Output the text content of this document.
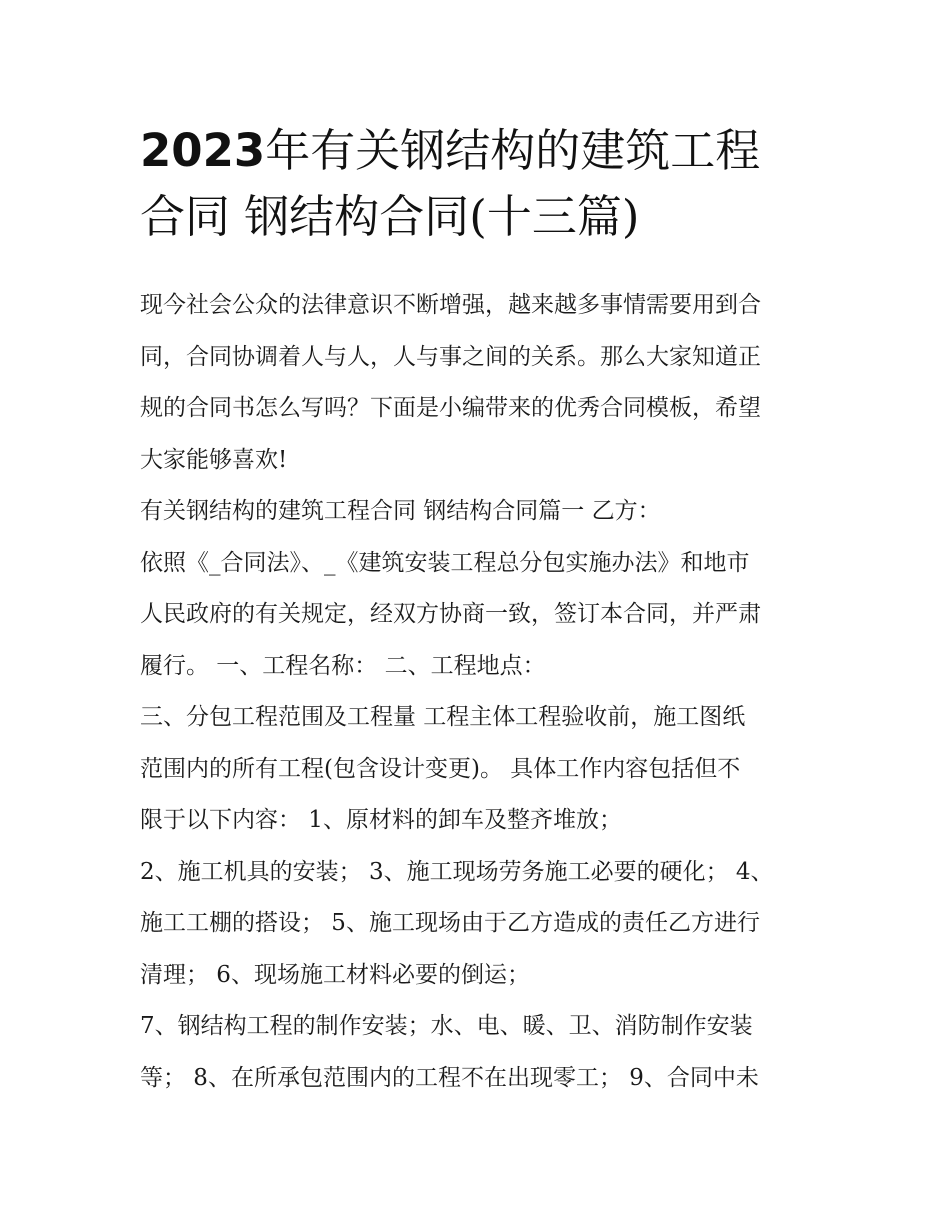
2023年有关钢结构的建筑工程
合同 钢结构合同(十三篇)
现今社会公众的法律意识不断增强，越来越多事情需要用到合
同，合同协调着人与人，人与事之间的关系。那么大家知道正
规的合同书怎么写吗？下面是小编带来的优秀合同模板，希望
大家能够喜欢!
有关钢结构的建筑工程合同 钢结构合同篇一 乙方：
依照《_合同法》、_《建筑安装工程总分包实施办法》和地市
人民政府的有关规定，经双方协商一致，签订本合同，并严肃
履行。 一、工程名称： 二、工程地点：
三、分包工程范围及工程量 工程主体工程验收前，施工图纸
范围内的所有工程(包含设计变更)。 具体工作内容包括但不
限于以下内容： 1、原材料的卸车及整齐堆放；
2、施工机具的安装； 3、施工现场劳务施工必要的硬化； 4、
施工工棚的搭设； 5、施工现场由于乙方造成的责任乙方进行
清理； 6、现场施工材料必要的倒运；
7、钢结构工程的制作安装；水、电、暖、卫、消防制作安装
等； 8、在所承包范围内的工程不在出现零工； 9、合同中未
